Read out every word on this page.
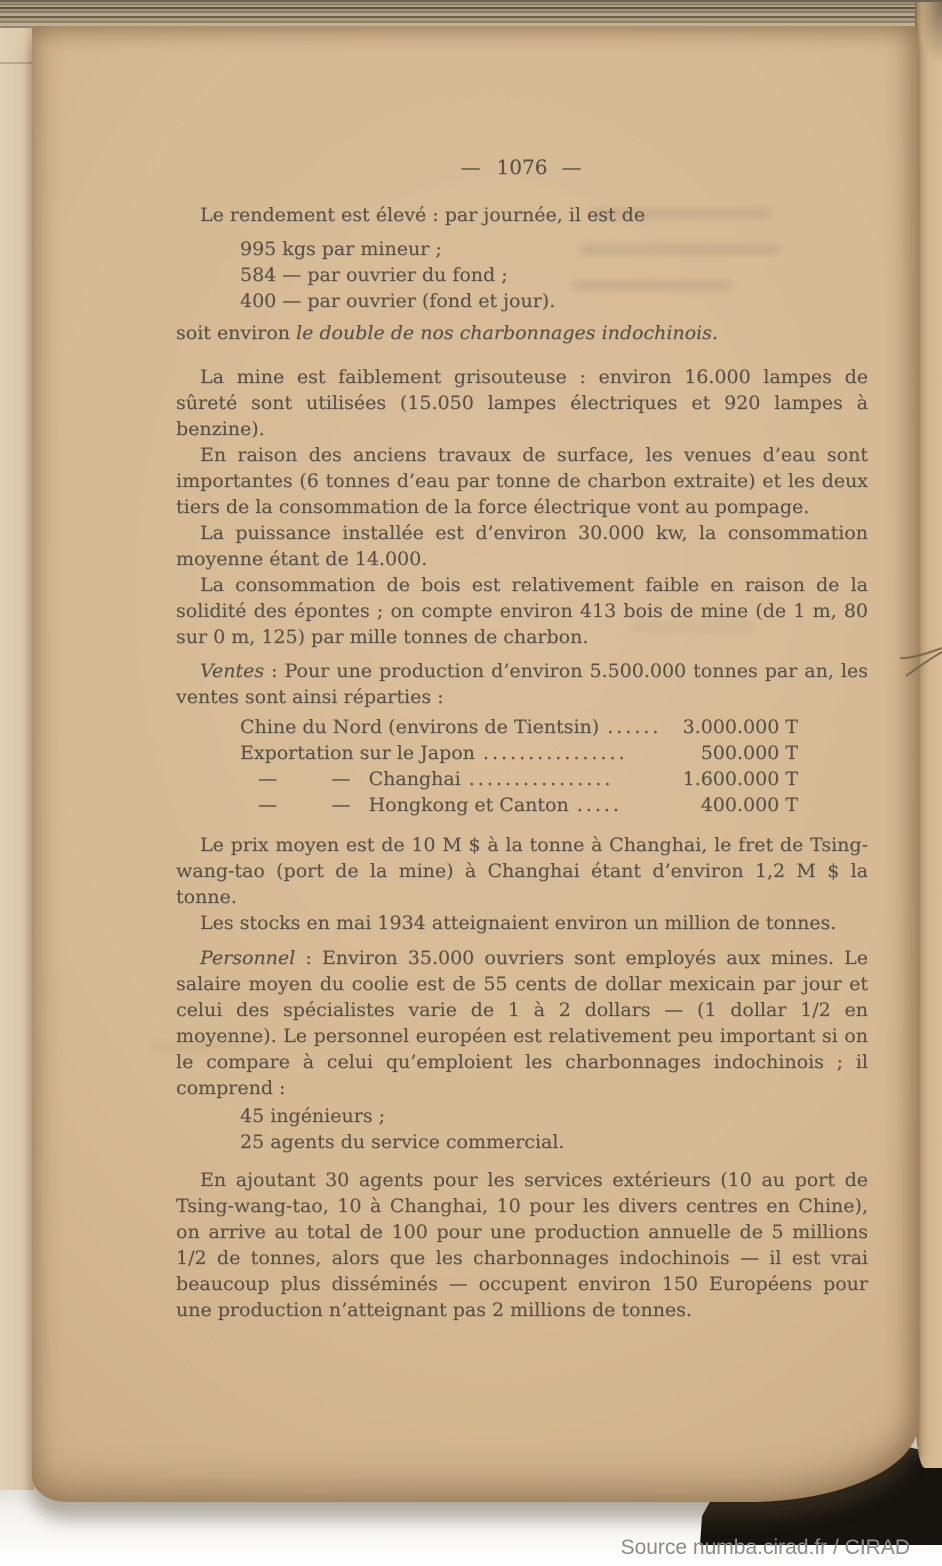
— 1076 —

Le rendement est élevé : par journée, il est de

995 kgs par mineur ;
584 — par ouvrier du fond ;
400 — par ouvrier (fond et jour).

soit environ le double de nos charbonnages indochinois.

La mine est faiblement grisouteuse : environ 16.000 lampes de sûreté sont utilisées (15.050 lampes électriques et 920 lampes à benzine).

En raison des anciens travaux de surface, les venues d’eau sont importantes (6 tonnes d’eau par tonne de charbon extraite) et les deux tiers de la consommation de la force électrique vont au pompage.

La puissance installée est d’environ 30.000 kw, la consommation moyenne étant de 14.000.

La consommation de bois est relativement faible en raison de la solidité des épontes ; on compte environ 413 bois de mine (de 1 m, 80 sur 0 m, 125) par mille tonnes de charbon.

Ventes : Pour une production d’environ 5.500.000 tonnes par an, les ventes sont ainsi réparties :

Chine du Nord (environs de Tientsin) ...... 3.000.000 T
Exportation sur le Japon ................	500.000 T
—         —   Changhai ................	1.600.000 T
—         —   Hongkong et Canton .....	400.000 T

Le prix moyen est de 10 M $ à la tonne à Changhai, le fret de Tsing-wang-tao (port de la mine) à Changhai étant d’environ 1,2 M $ la tonne.

Les stocks en mai 1934 atteignaient environ un million de tonnes.

Personnel : Environ 35.000 ouvriers sont employés aux mines. Le salaire moyen du coolie est de 55 cents de dollar mexicain par jour et celui des spécialistes varie de 1 à 2 dollars — (1 dollar 1/2 en moyenne). Le personnel européen est relativement peu important si on le compare à celui qu’emploient les charbonnages indochinois ; il comprend :

45 ingénieurs ;
25 agents du service commercial.

En ajoutant 30 agents pour les services extérieurs (10 au port de Tsing-wang-tao, 10 à Changhai, 10 pour les divers centres en Chine), on arrive au total de 100 pour une production annuelle de 5 millions 1/2 de tonnes, alors que les charbonnages indochinois — il est vrai beaucoup plus disséminés — occupent environ 150 Européens pour une production n’atteignant pas 2 millions de tonnes.

Source numba.cirad.fr / CIRAD
